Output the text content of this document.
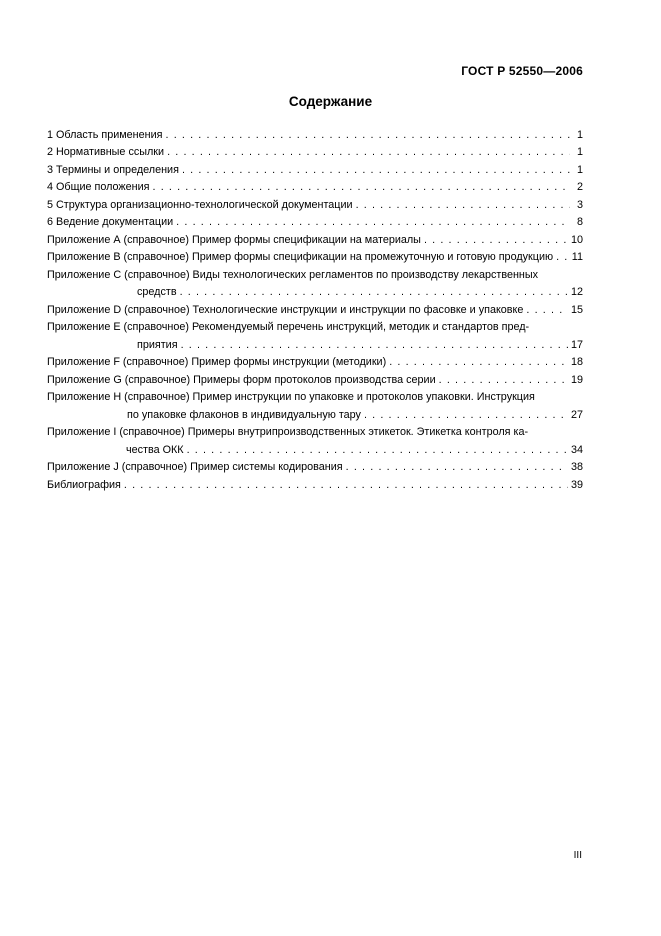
ГОСТ Р 52550—2006
Содержание
1 Область применения . . .	1
2 Нормативные ссылки . . .	1
3 Термины и определения . . .	1
4 Общие положения . . .	2
5 Структура организационно-технологической документации . . .	3
6 Ведение документации . . .	8
Приложение А (справочное) Пример формы спецификации на материалы . . .	10
Приложение В (справочное) Пример формы спецификации на промежуточную и готовую продукцию . . . 11
Приложение С (справочное) Виды технологических регламентов по производству лекарственных
средств . . .	12
Приложение D (справочное) Технологические инструкции и инструкции по фасовке и упаковке . . .	15
Приложение Е (справочное) Рекомендуемый перечень инструкций, методик и стандартов пред-
приятия . . .	17
Приложение F (справочное) Пример формы инструкции (методики) . . .	18
Приложение G (справочное) Примеры форм протоколов производства серии . . .	19
Приложение Н (справочное) Пример инструкции по упаковке и протоколов упаковки. Инструкция
по упаковке флаконов в индивидуальную тару . . .	27
Приложение I (справочное) Примеры внутрипроизводственных этикеток. Этикетка контроля ка-
чества ОКК . . .	34
Приложение J (справочное) Пример системы кодирования . . .	38
Библиография . . .	39
III
